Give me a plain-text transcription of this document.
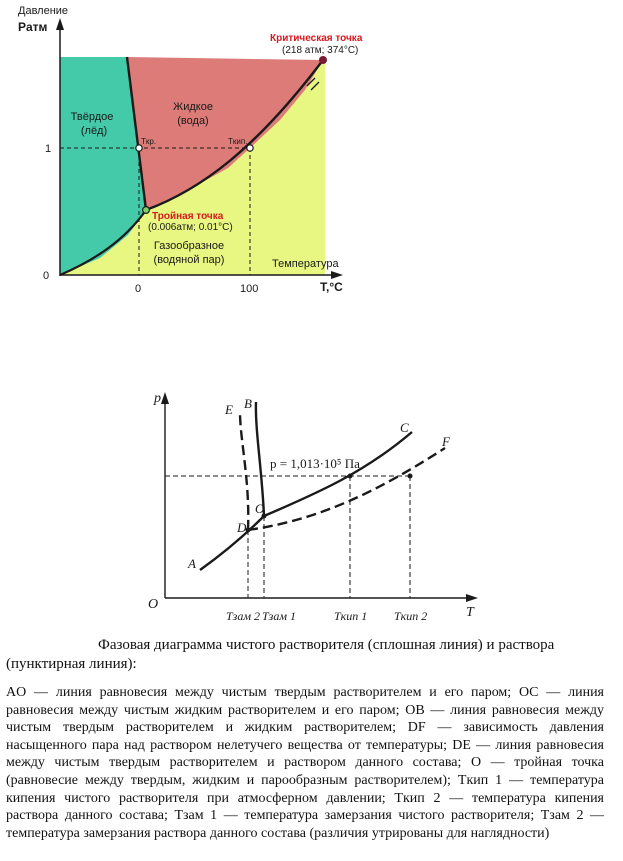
Давление
Pатм
1
0
0	100
Температура
T,°C
Твёрдое
(лёд)
Жидкое
(вода)
Газообразное
(водяной пар)
Критическая точка
(218 атм; 374°C)
Тройная точка
(0.006атм; 0.01°C)
Tкр.	Tкип.
p
T
O
A
B
E
C
F
O
D
p = 1,013·10⁵ Па
Tзам 2 Tзам 1	Tкип 1 Tкип 2
Фазовая диаграмма чистого растворителя (сплошная линия) и раствора
(пунктирная линия):
AO — линия равновесия между чистым твердым растворителем и его паром; OC — линия равновесия между чистым жидким растворителем и его паром; OB — линия равновесия между чистым твердым растворителем и жидким растворителем; DF — зависимость давления насыщенного пара над раствором нелетучего вещества от температуры; DE — линия равновесия между чистым твердым растворителем и раствором данного состава; O — тройная точка (равновесие между твердым, жидким и парообразным растворителем); Tкип 1 — температура кипения чистого растворителя при атмосферном давлении; Tкип 2 — температура кипения раствора данного состава; Tзам 1 — температура замерзания чистого растворителя; Tзам 2 — температура замерзания раствора данного состава (различия утрированы для наглядности)
